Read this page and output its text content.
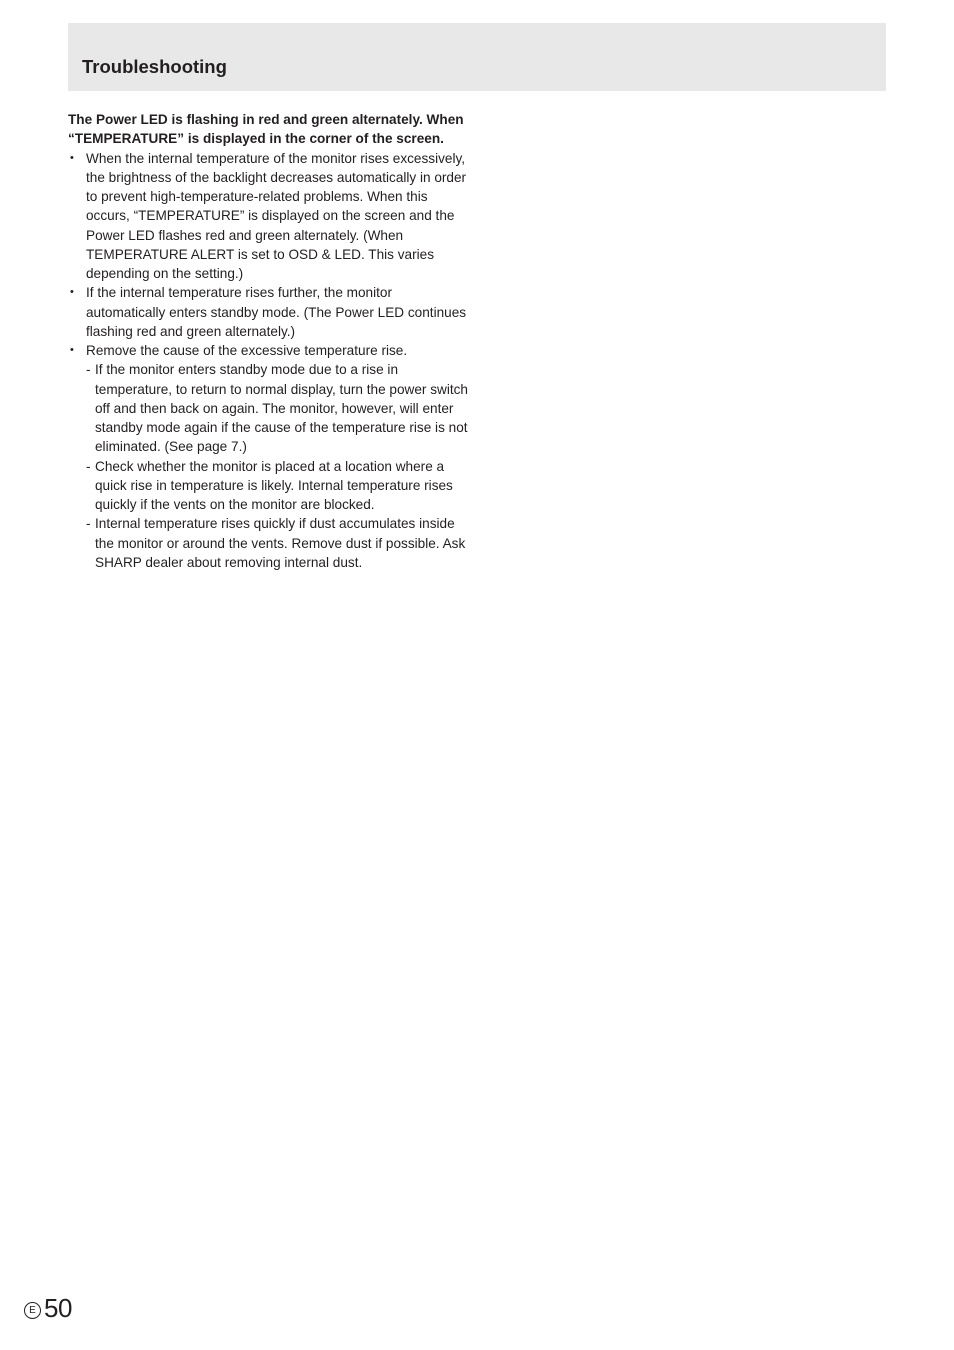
Troubleshooting

The Power LED is flashing in red and green alternately. When “TEMPERATURE” is displayed in the corner of the screen.

• When the internal temperature of the monitor rises excessively, the brightness of the backlight decreases automatically in order to prevent high-temperature-related problems. When this occurs, “TEMPERATURE” is displayed on the screen and the Power LED flashes red and green alternately. (When TEMPERATURE ALERT is set to OSD & LED. This varies depending on the setting.)
• If the internal temperature rises further, the monitor automatically enters standby mode. (The Power LED continues flashing red and green alternately.)
• Remove the cause of the excessive temperature rise.
- If the monitor enters standby mode due to a rise in temperature, to return to normal display, turn the power switch off and then back on again. The monitor, however, will enter standby mode again if the cause of the temperature rise is not eliminated. (See page 7.)
- Check whether the monitor is placed at a location where a quick rise in temperature is likely. Internal temperature rises quickly if the vents on the monitor are blocked.
- Internal temperature rises quickly if dust accumulates inside the monitor or around the vents. Remove dust if possible. Ask SHARP dealer about removing internal dust.
E 50
